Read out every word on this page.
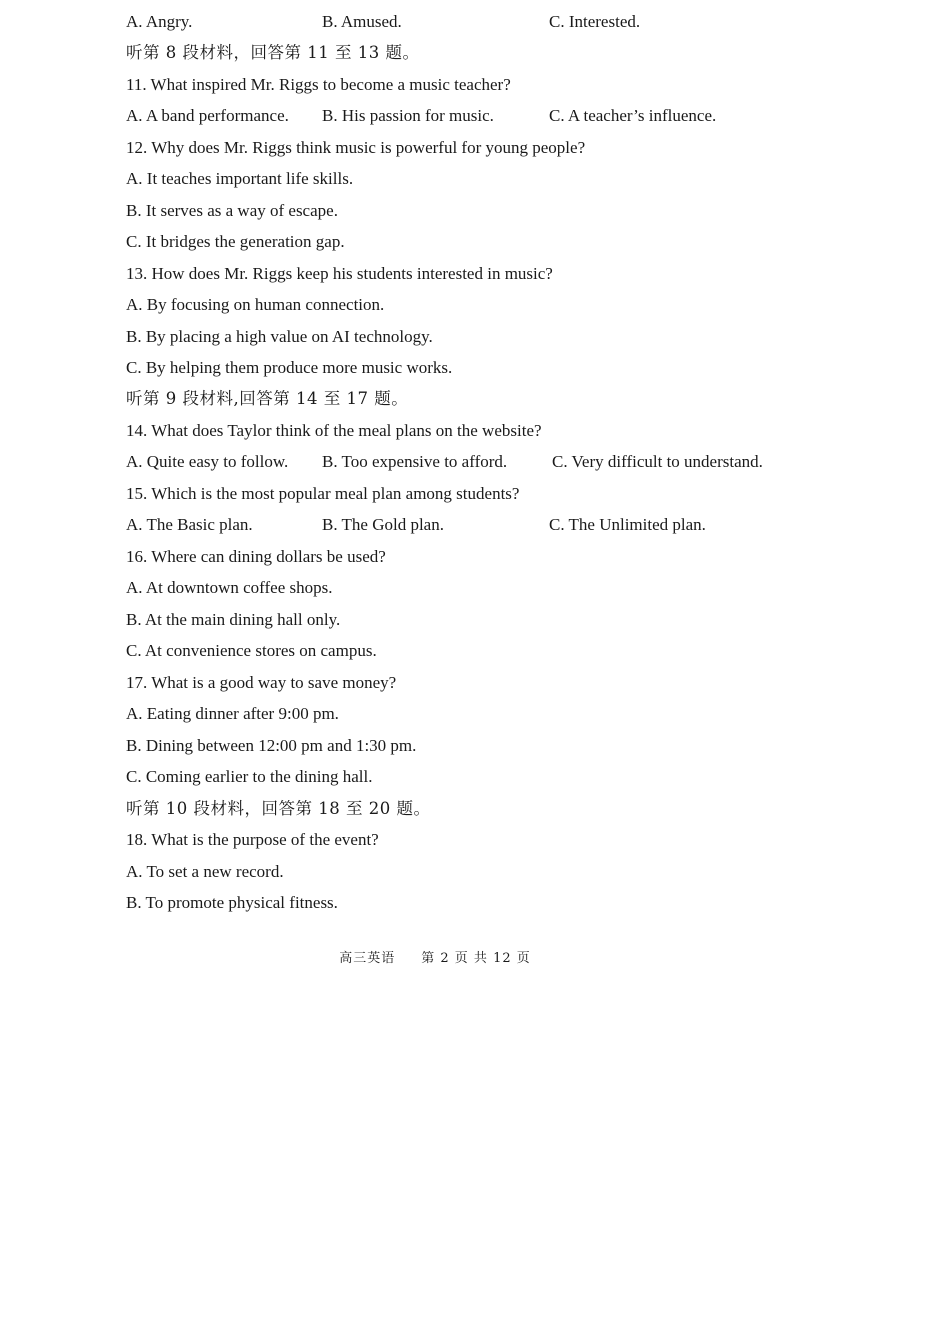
A. Angry.	B. Amused.	C. Interested.
听第 8 段材料，回答第 11 至 13 题。
11. What inspired Mr. Riggs to become a music teacher?
A. A band performance. B. His passion for music.	C. A teacher’s influence.
12. Why does Mr. Riggs think music is powerful for young people?
A. It teaches important life skills.
B. It serves as a way of escape.
C. It bridges the generation gap.
13. How does Mr. Riggs keep his students interested in music?
A. By focusing on human connection.
B. By placing a high value on AI technology.
C. By helping them produce more music works.
听第 9 段材料,回答第 14 至 17 题。
14. What does Taylor think of the meal plans on the website?
A. Quite easy to follow. B. Too expensive to afford.	C. Very difficult to understand.
15. Which is the most popular meal plan among students?
A. The Basic plan.	B. The Gold plan.	C. The Unlimited plan.
16. Where can dining dollars be used?
A. At downtown coffee shops.
B. At the main dining hall only.
C. At convenience stores on campus.
17. What is a good way to save money?
A. Eating dinner after 9:00 pm.
B. Dining between 12:00 pm and 1:30 pm.
C. Coming earlier to the dining hall.
听第 10 段材料，回答第 18 至 20 题。
18. What is the purpose of the event?
A. To set a new record.
B. To promote physical fitness.
高三英语 第 2 页 共 12 页
